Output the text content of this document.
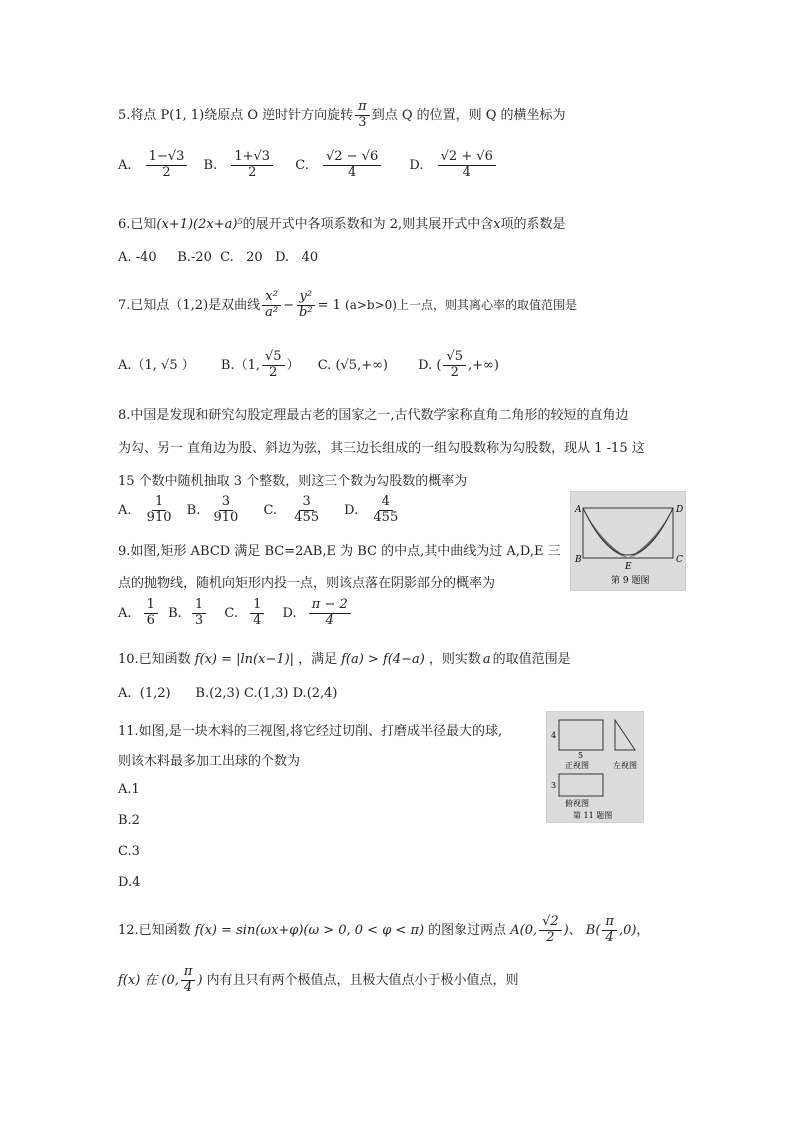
5.将点 P(1, 1)绕原点 O 逆时针方向旋转 $\frac{\pi}{3}$ 到点 Q 的位置，则 Q 的横坐标为
A. $\frac{1-√3}{2} B$. $\frac{1+√3}{2} C$. $\frac{√2 - √6}{4} D$. $\frac{√2 + √6}{4}$
6.已知(x+1)(2x+a)⁵的展开式中各项系数和为 2,则其展开式中含x项的系数是
A. -40     B.-20  C.   20   D.   40
7.已知点（1,2)是双曲线 $\frac{\text{x²}}{\text{a²}} - \frac{\text{y²}}{\text{b²}} = 1$ (a>b>0)上一点，则其离心率的取值范围是
A.（1, √5 ） B.（1, $\frac{√5}{2}$ ） C. (√5,+∞) D. ( $\frac{√5}{2}$ ,+∞)
8.中国是发现和研究勾股定理最古老的国家之一,古代数学家称直角二角形的较短的直角边
为勾、另一 直角边为股、斜边为弦，其三边长组成的一组勾股数称为勾股数，现从 1 -15 这
15 个数中随机抽取 3 个整数，则这三个数为勾股数的概率为
A. $\frac{1}{910} B$. $\frac{3}{910} C$. $\frac{3}{455} D$. $\frac{4}{455}$	A	D
B	C
E
第 9 题图
9.如图,矩形 ABCD 满足 BC=2AB,E 为 BC 的中点,其中曲线为过 A,D,E 三
点的抛物线，随机向矩形内投一点，则该点落在阴影部分的概率为
A. $\frac{1}{6} B$. $\frac{1}{3} C$. $\frac{1}{4} D$. $\frac{\pi - 2}{4}$
10.已知函数 f(x) = |ln(x−1)| ，满足 f(a) > f(4−a) ，则实数 a 的取值范围是
A.  (1,2)      B.(2,3) C.(1,3) D.(2,4)
4
5
正视图	左视图
3
俯视图
第 11 题图
11.如图,是一块木料的三视图,将它经过切削、打磨成半径最大的球,
则该木料最多加工出球的个数为
A.1
B.2
C.3
D.4
12.已知函数 f(x) = sin(ωx+φ)(ω > 0, 0 < φ < π) 的图象过两点 A(0, $\frac{√2}{2}$ )、 $B( \frac{\pi}{4} ,0)$，
f(x) 在 (0, $\frac{\pi}{4}$ ) 内有且只有两个极值点，且极大值点小于极小值点，则
